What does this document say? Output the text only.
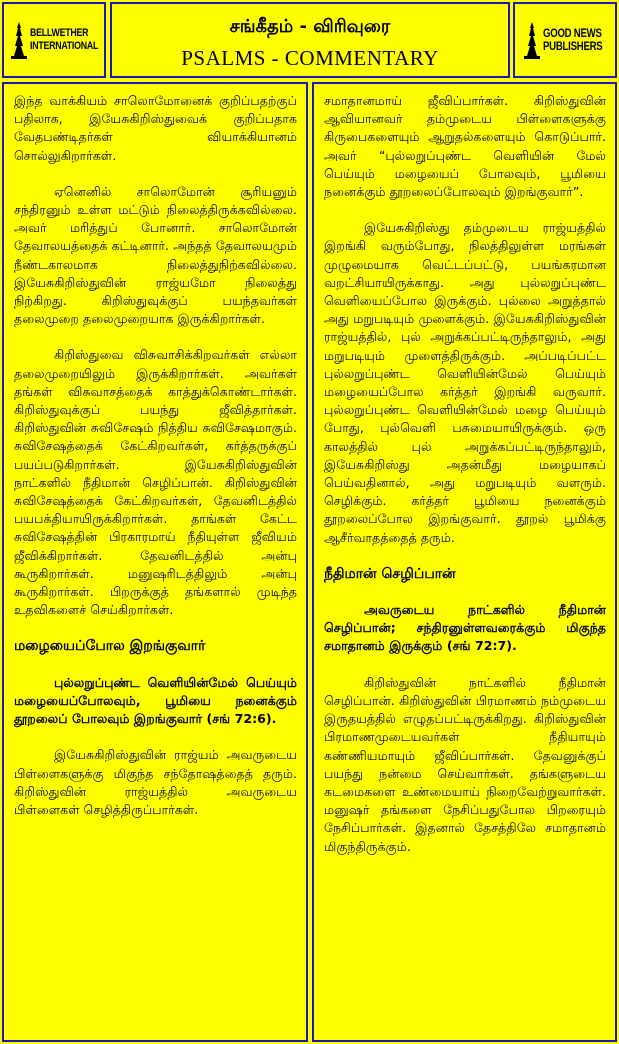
BELLWETHER
INTERNATIONAL
சங்கீதம் - விரிவுரை
PSALMS - COMMENTARY
GOOD NEWS
PUBLISHERS

இந்த வாக்கியம் சாலொமோனைக் குறிப்பதற்குப் பதிலாக, இயேசுகிறிஸ்துவைக் குறிப்பதாக வேதபண்டிதர்கள் வியாக்கியானம் சொல்லுகிறார்கள்.

ஏனெனில் சாலொமோன் சூரியனும் சந்திரனும் உள்ள மட்டும் நிலைத்திருக்கவில்லை. அவர் மரித்துப் போனார். சாலொமோன் தேவாலயத்தைக் கட்டினார். அந்தத் தேவாலயமும் நீண்டகாலமாக நிலைத்துநிற்கவில்லை. இயேசுகிறிஸ்துவின் ராஜ்யமோ நிலைத்து நிற்கிறது. கிறிஸ்துவுக்குப் பயந்தவர்கள் தலைமுறை தலைமுறையாக இருக்கிறார்கள்.

கிறிஸ்துவை விசுவாசிக்கிறவர்கள் எல்லா தலைமுறையிலும் இருக்கிறார்கள். அவர்கள் தங்கள் விசுவாசத்தைக் காத்துக்கொண்டார்கள். கிறிஸ்துவுக்குப் பயந்து ஜீவித்தார்கள். கிறிஸ்துவின் சுவிசேஷம் நித்திய சுவிசேஷமாகும். சுவிசேஷத்தைக் கேட்கிறவர்கள், கர்த்தருக்குப் பயப்படுகிறார்கள். இயேசுகிறிஸ்துவின் நாட்களில் நீதிமான் செழிப்பான். கிறிஸ்துவின் சுவிசேஷத்தைக் கேட்கிறவர்கள், தேவனிடத்தில் பயபக்தியாயிருக்கிறார்கள். தாங்கள் கேட்ட சுவிசேஷத்தின் பிரகாரமாய் நீதியுள்ள ஜீவியம் ஜீவிக்கிறார்கள். தேவனிடத்தில் அன்பு கூருகிறார்கள். மனுஷரிடத்திலும் அன்பு கூருகிறார்கள். பிறருக்குத் தங்களால் முடிந்த உதவிகளைச் செய்கிறார்கள்.

மழையைப்போல இறங்குவார்

புல்லறுப்புண்ட வெளியின்மேல் பெய்யும் மழையைப்போலவும், பூமியை நனைக்கும் தூறலைப் போலவும் இறங்குவார் (சங் 72:6).

இயேசுகிறிஸ்துவின் ராஜ்யம் அவருடைய பிள்ளைகளுக்கு மிகுந்த சந்தோஷத்தைத் தரும். கிறிஸ்துவின் ராஜ்யத்தில் அவருடைய பிள்ளைகள் செழித்திருப்பார்கள்.

சமாதானமாய் ஜீவிப்பார்கள். கிறிஸ்துவின் ஆவியானவர் தம்முடைய பிள்ளைகளுக்கு கிருபைகளையும் ஆறுதல்களையும் கொடுப்பார். அவர் “புல்லறுப்புண்ட வெளியின் மேல் பெய்யும் மழையைப் போலவும், பூமியை நனைக்கும் தூறலைப்போலவும் இறங்குவார்”.

இயேசுகிறிஸ்து தம்முடைய ராஜ்யத்தில் இறங்கி வரும்போது, நிலத்திலுள்ள மரங்கள் முழுமையாக வெட்டப்பட்டு, பயங்கரமான வறட்சியாயிருக்காது. அது புல்லறுப்புண்ட வெளியைப்போல இருக்கும். புல்லை அறுத்தால் அது மறுபடியும் முளைக்கும். இயேசுகிறிஸ்துவின் ராஜ்யத்தில், புல் அறுக்கப்பட்டிருந்தாலும், அது மறுபடியும் முளைத்திருக்கும். அப்படிப்பட்ட புல்லறுப்புண்ட வெளியின்மேல் பெய்யும் மழையைப்போல கர்த்தர் இறங்கி வருவார். புல்லறுப்புண்ட வெளியின்மேல் மழை பெய்யும் போது, புல்வெளி பசுமையாயிருக்கும். ஒரு காலத்தில் புல் அறுக்கப்பட்டிருந்தாலும், இயேசுகிறிஸ்து அதன்மீது மழையாகப் பெய்வதினால், அது மறுபடியும் வளரும். செழிக்கும். கர்த்தர் பூமியை நனைக்கும் தூறலைப்போல இறங்குவார். தூறல் பூமிக்கு ஆசீர்வாதத்தைத் தரும்.

நீதிமான் செழிப்பான்

அவருடைய நாட்களில் நீதிமான் செழிப்பான்; சந்திரனுள்ளவரைக்கும் மிகுந்த சமாதானம் இருக்கும் (சங் 72:7).

கிறிஸ்துவின் நாட்களில் நீதிமான் செழிப்பான். கிறிஸ்துவின் பிரமாணம் நம்முடைய இருதயத்தில் எழுதப்பட்டிருக்கிறது. கிறிஸ்துவின் பிரமாணமுடையவர்கள் நீதியாயும் கண்ணியமாயும் ஜீவிப்பார்கள். தேவனுக்குப் பயந்து நன்மை செய்வார்கள். தங்களுடைய கடமைகளை உண்மையாய் நிறைவேற்றுவார்கள். மனுஷர் தங்களை நேசிப்பதுபோல பிறரையும் நேசிப்பார்கள். இதனால் தேசத்திலே சமாதானம் மிகுந்திருக்கும்.
